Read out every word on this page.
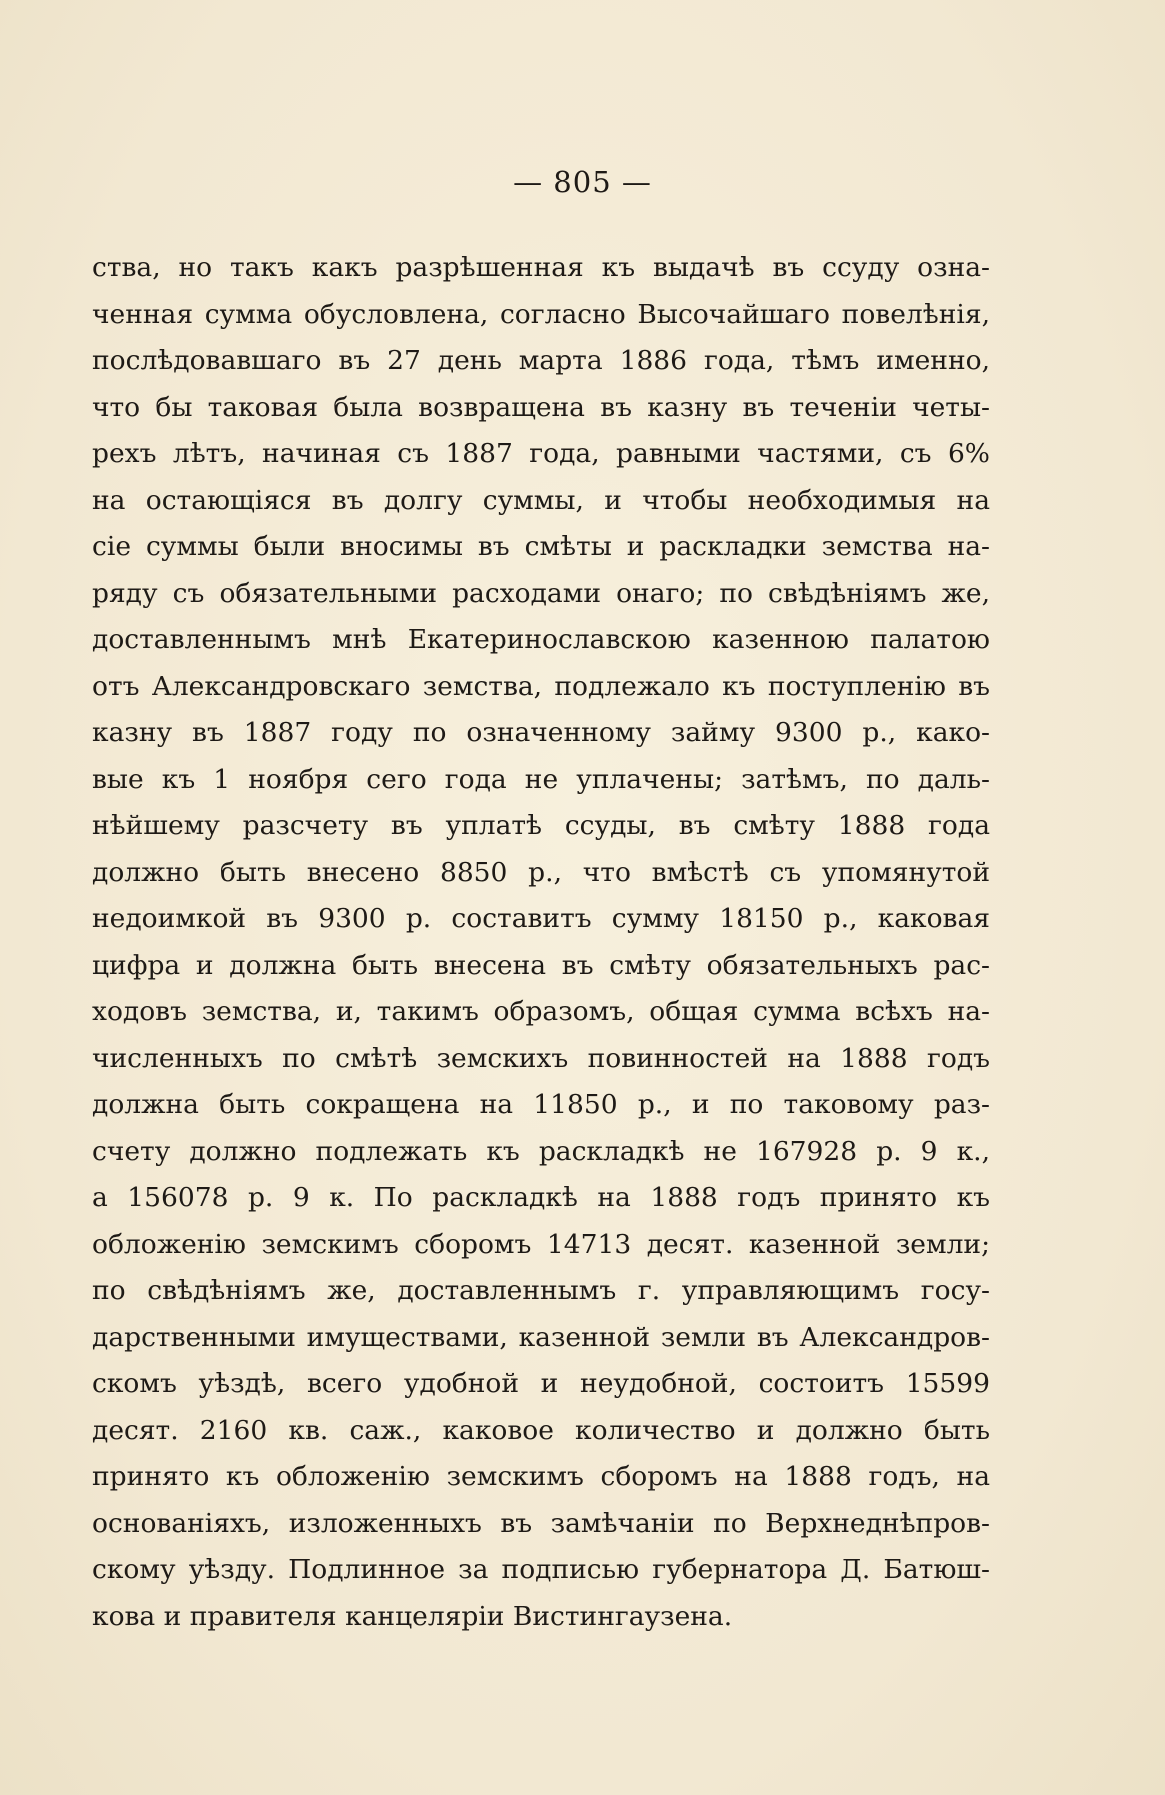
— 805 —
ства, но такъ какъ разрѣшенная къ выдачѣ въ ссуду озна-
ченная сумма обусловлена, согласно Высочайшаго повелѣнія,
послѣдовавшаго въ 27 день марта 1886 года, тѣмъ именно,
что бы таковая была возвращена въ казну въ теченіи четы-
рехъ лѣтъ, начиная съ 1887 года, равными частями, съ 6%
на остающіяся въ долгу суммы, и чтобы необходимыя на
сіе суммы были вносимы въ смѣты и раскладки земства на-
ряду съ обязательными расходами онаго; по свѣдѣніямъ же,
доставленнымъ мнѣ Екатеринославскою казенною палатою
отъ Александровскаго земства, подлежало къ поступленію въ
казну въ 1887 году по означенному займу 9300 р., како-
вые къ 1 ноября сего года не уплачены; затѣмъ, по даль-
нѣйшему разсчету въ уплатѣ ссуды, въ смѣту 1888 года
должно быть внесено 8850 р., что вмѣстѣ съ упомянутой
недоимкой въ 9300 р. составитъ сумму 18150 р., каковая
цифра и должна быть внесена въ смѣту обязательныхъ рас-
ходовъ земства, и, такимъ образомъ, общая сумма всѣхъ на-
численныхъ по смѣтѣ земскихъ повинностей на 1888 годъ
должна быть сокращена на 11850 р., и по таковому раз-
счету должно подлежать къ раскладкѣ не 167928 р. 9 к.,
а 156078 р. 9 к. По раскладкѣ на 1888 годъ принято къ
обложенію земскимъ сборомъ 14713 десят. казенной земли;
по свѣдѣніямъ же, доставленнымъ г. управляющимъ госу-
дарственными имуществами, казенной земли въ Александров-
скомъ уѣздѣ, всего удобной и неудобной, состоитъ 15599
десят. 2160 кв. саж., каковое количество и должно быть
принято къ обложенію земскимъ сборомъ на 1888 годъ, на
основаніяхъ, изложенныхъ въ замѣчаніи по Верхнеднѣпров-
скому уѣзду. Подлинное за подписью губернатора Д. Батюш-
кова и правителя канцеляріи Вистингаузена.
